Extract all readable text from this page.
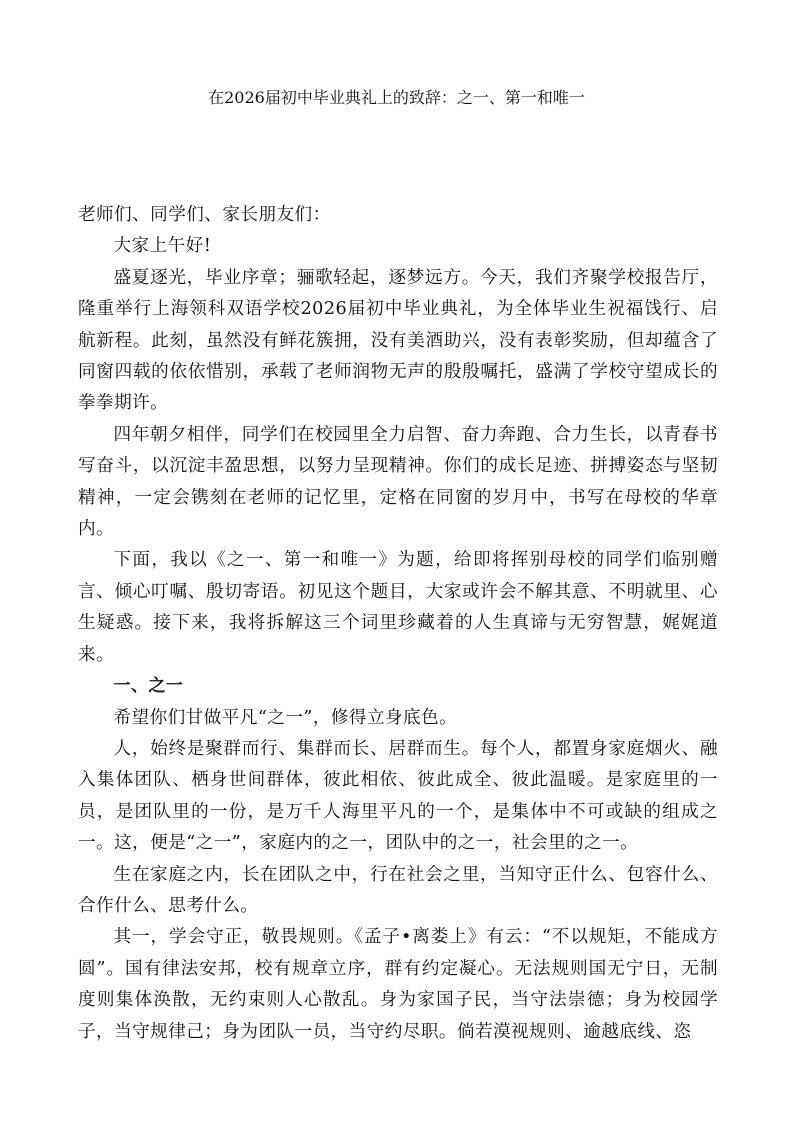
在2026届初中毕业典礼上的致辞：之一、第一和唯一

老师们、同学们、家长朋友们：

大家上午好!

盛夏逐光，毕业序章；骊歌轻起，逐梦远方。今天，我们齐聚学校报告厅，隆重举行上海领科双语学校2026届初中毕业典礼，为全体毕业生祝福饯行、启航新程。此刻，虽然没有鲜花簇拥，没有美酒助兴，没有表彰奖励，但却蕴含了同窗四载的依依惜别，承载了老师润物无声的殷殷嘱托，盛满了学校守望成长的拳拳期许。

四年朝夕相伴，同学们在校园里全力启智、奋力奔跑、合力生长，以青春书写奋斗，以沉淀丰盈思想，以努力呈现精神。你们的成长足迹、拼搏姿态与坚韧精神，一定会镌刻在老师的记忆里，定格在同窗的岁月中，书写在母校的华章内。

下面，我以《之一、第一和唯一》为题，给即将挥别母校的同学们临别赠言、倾心叮嘱、殷切寄语。初见这个题目，大家或许会不解其意、不明就里、心生疑惑。接下来，我将拆解这三个词里珍藏着的人生真谛与无穷智慧，娓娓道来。

一、之一

希望你们甘做平凡“之一”，修得立身底色。

人，始终是聚群而行、集群而长、居群而生。每个人，都置身家庭烟火、融入集体团队、栖身世间群体，彼此相依、彼此成全、彼此温暖。是家庭里的一员，是团队里的一份，是万千人海里平凡的一个，是集体中不可或缺的组成之一。这，便是“之一”，家庭内的之一，团队中的之一，社会里的之一。

生在家庭之内，长在团队之中，行在社会之里，当知守正什么、包容什么、合作什么、思考什么。

其一，学会守正，敬畏规则。《孟子•离娄上》有云：“不以规矩，不能成方圆”。国有律法安邦，校有规章立序，群有约定凝心。无法规则国无宁日，无制度则集体涣散，无约束则人心散乱。身为家国子民，当守法崇德；身为校园学子，当守规律己；身为团队一员，当守约尽职。倘若漠视规则、逾越底线、恣
